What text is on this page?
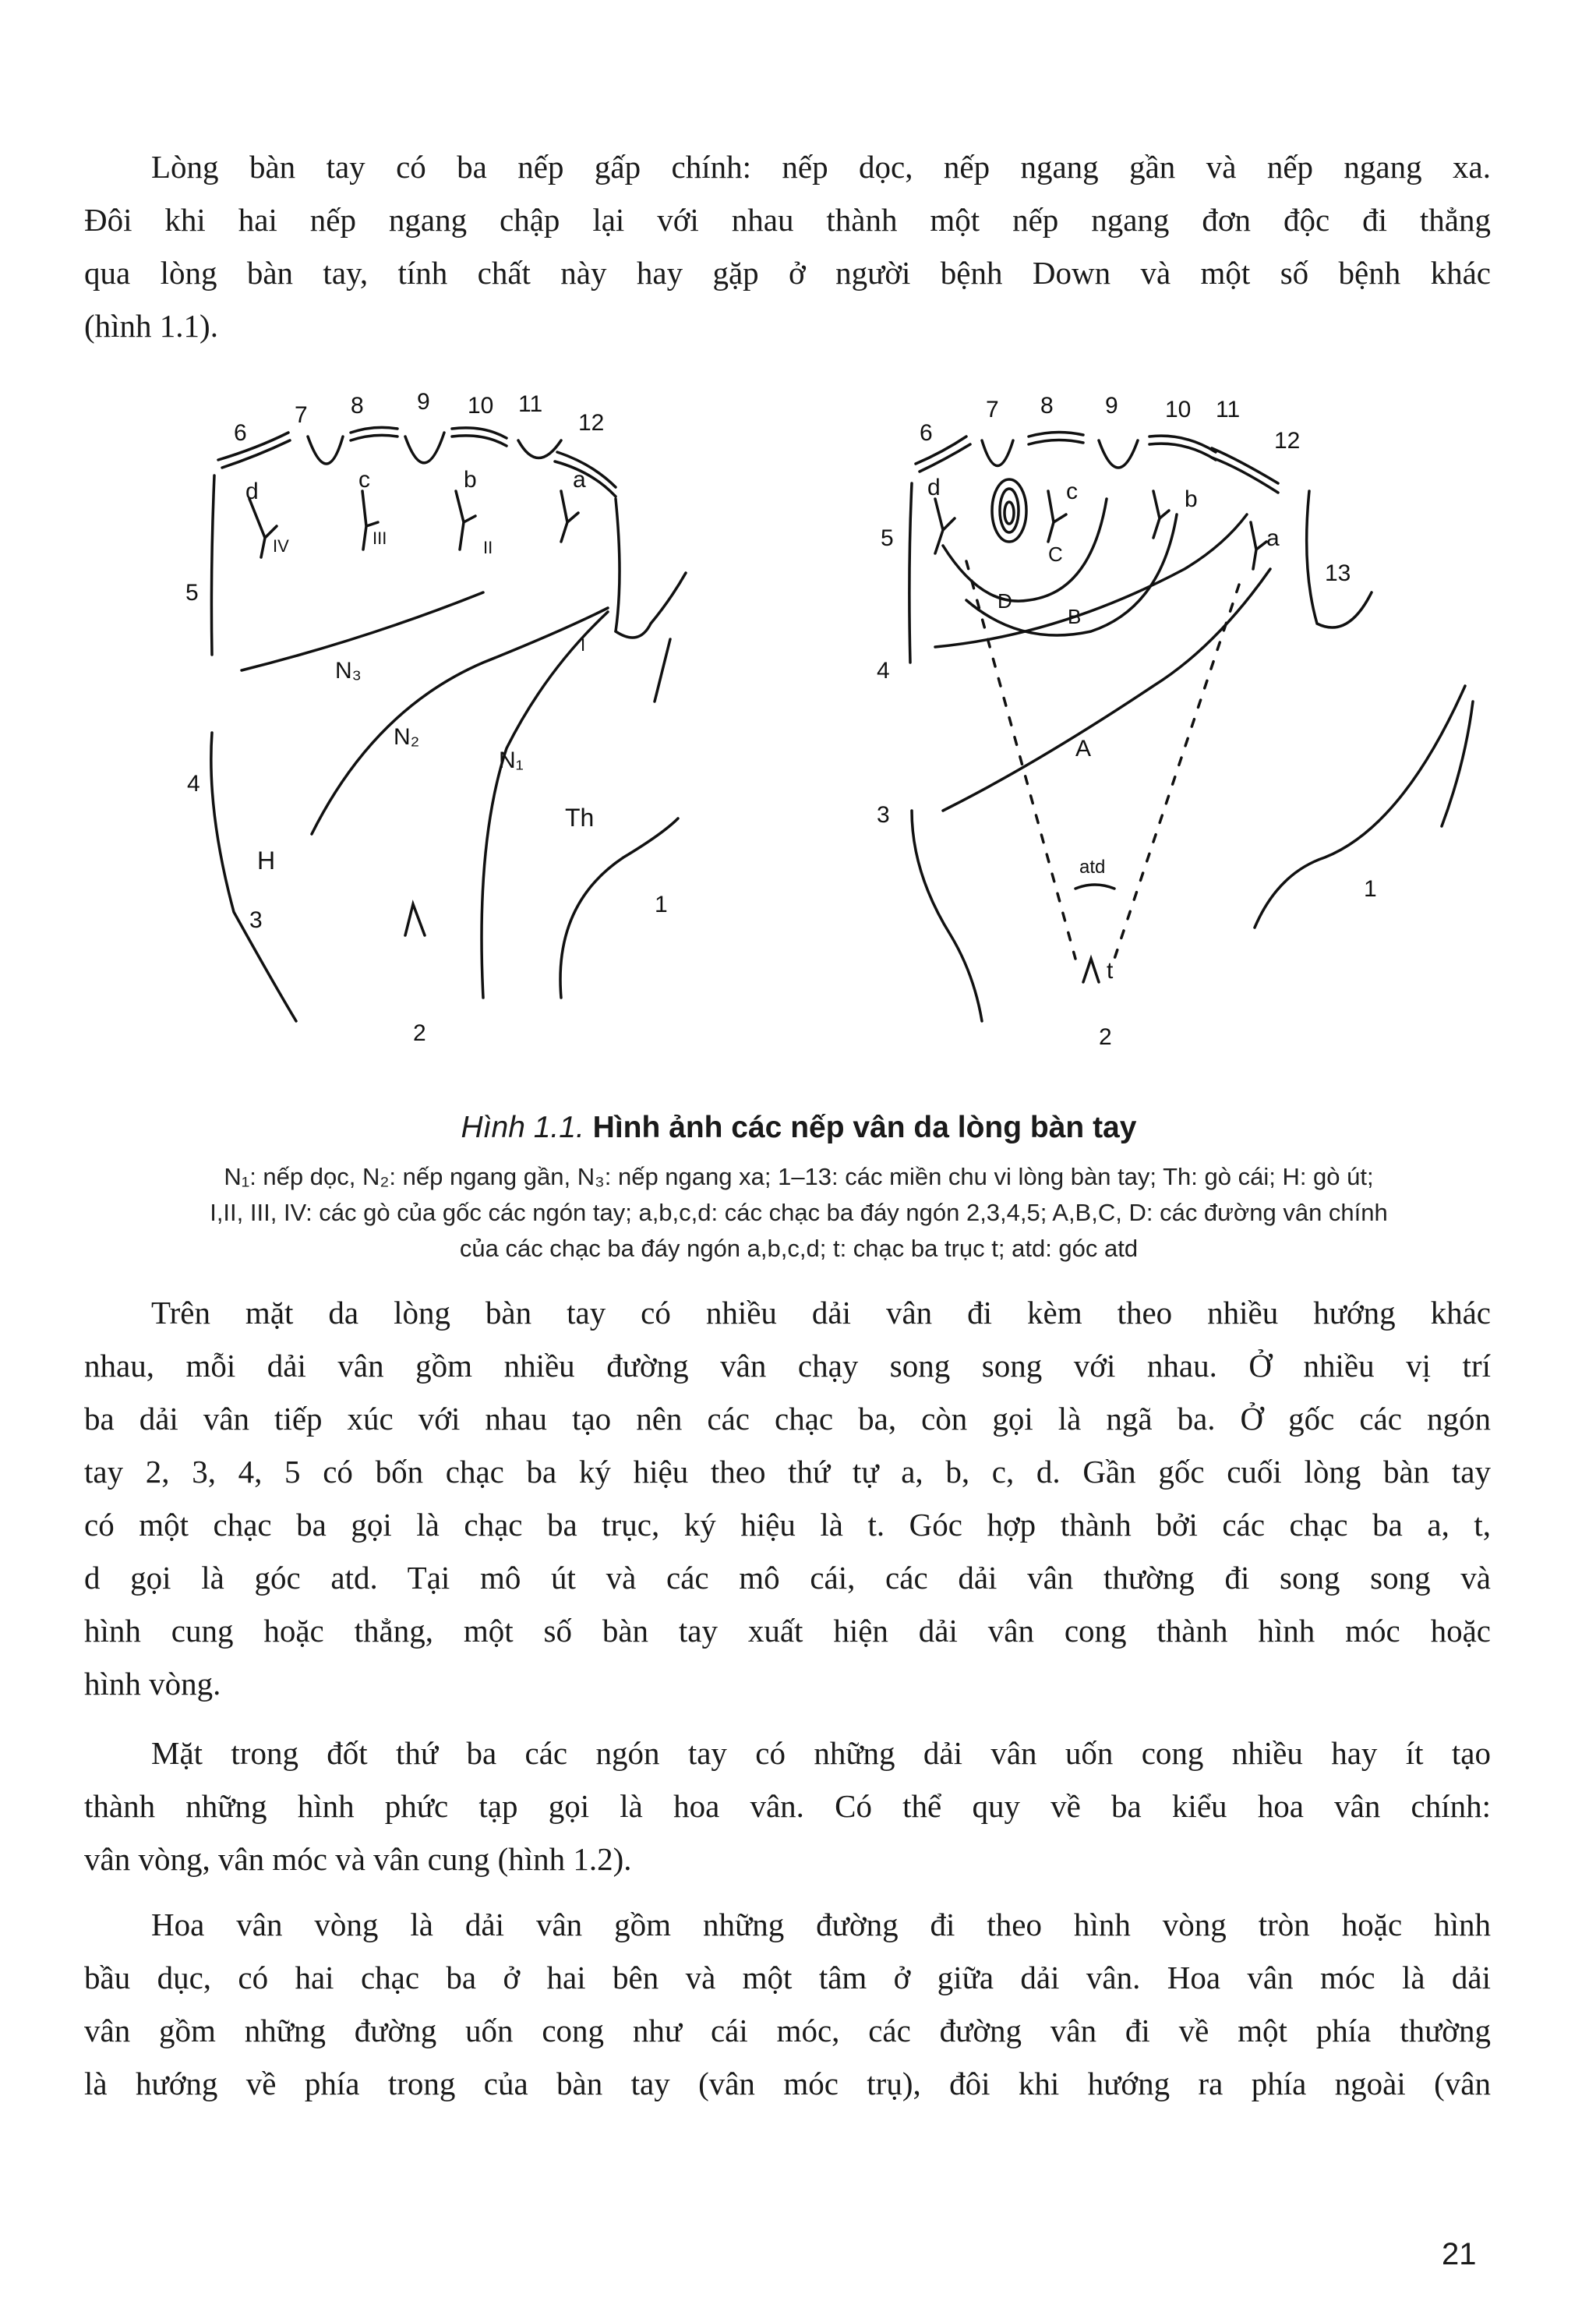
Lòng bàn tay có ba nếp gấp chính: nếp dọc, nếp ngang gần và nếp ngang xa.
Đôi khi hai nếp ngang chập lại với nhau thành một nếp ngang đơn độc đi thẳng
qua lòng bàn tay, tính chất này hay gặp ở người bệnh Down và một số bệnh khác
(hình 1.1).
6
7 8 9 10 11
12
d	c	b	a
IV	III	II
I
5
4
3
2
1
N₃
N₂
N₁
Th
H
6
7 8 9 10 11
12
13
d	c	b
a
C
D
B
A
atd
t
5
4
3
2
1
Hình 1.1. Hình ảnh các nếp vân da lòng bàn tay
N₁: nếp dọc, N₂: nếp ngang gần, N₃: nếp ngang xa; 1–13: các miền chu vi lòng bàn tay; Th: gò cái; H: gò út;
I,II, III, IV: các gò của gốc các ngón tay; a,b,c,d: các chạc ba đáy ngón 2,3,4,5; A,B,C, D: các đường vân chính
của các chạc ba đáy ngón a,b,c,d; t: chạc ba trục t; atd: góc atd
Trên mặt da lòng bàn tay có nhiều dải vân đi kèm theo nhiều hướng khác
nhau, mỗi dải vân gồm nhiều đường vân chạy song song với nhau. Ở nhiều vị trí
ba dải vân tiếp xúc với nhau tạo nên các chạc ba, còn gọi là ngã ba. Ở gốc các ngón
tay 2, 3, 4, 5 có bốn chạc ba ký hiệu theo thứ tự a, b, c, d. Gần gốc cuối lòng bàn tay
có một chạc ba gọi là chạc ba trục, ký hiệu là t. Góc hợp thành bởi các chạc ba a, t,
d gọi là góc atd. Tại mô út và các mô cái, các dải vân thường đi song song và
hình cung hoặc thẳng, một số bàn tay xuất hiện dải vân cong thành hình móc hoặc
hình vòng.
Mặt trong đốt thứ ba các ngón tay có những dải vân uốn cong nhiều hay ít tạo
thành những hình phức tạp gọi là hoa vân. Có thể quy về ba kiểu hoa vân chính:
vân vòng, vân móc và vân cung (hình 1.2).
Hoa vân vòng là dải vân gồm những đường đi theo hình vòng tròn hoặc hình
bầu dục, có hai chạc ba ở hai bên và một tâm ở giữa dải vân. Hoa vân móc là dải
vân gồm những đường uốn cong như cái móc, các đường vân đi về một phía thường
là hướng về phía trong của bàn tay (vân móc trụ), đôi khi hướng ra phía ngoài (vân
21
